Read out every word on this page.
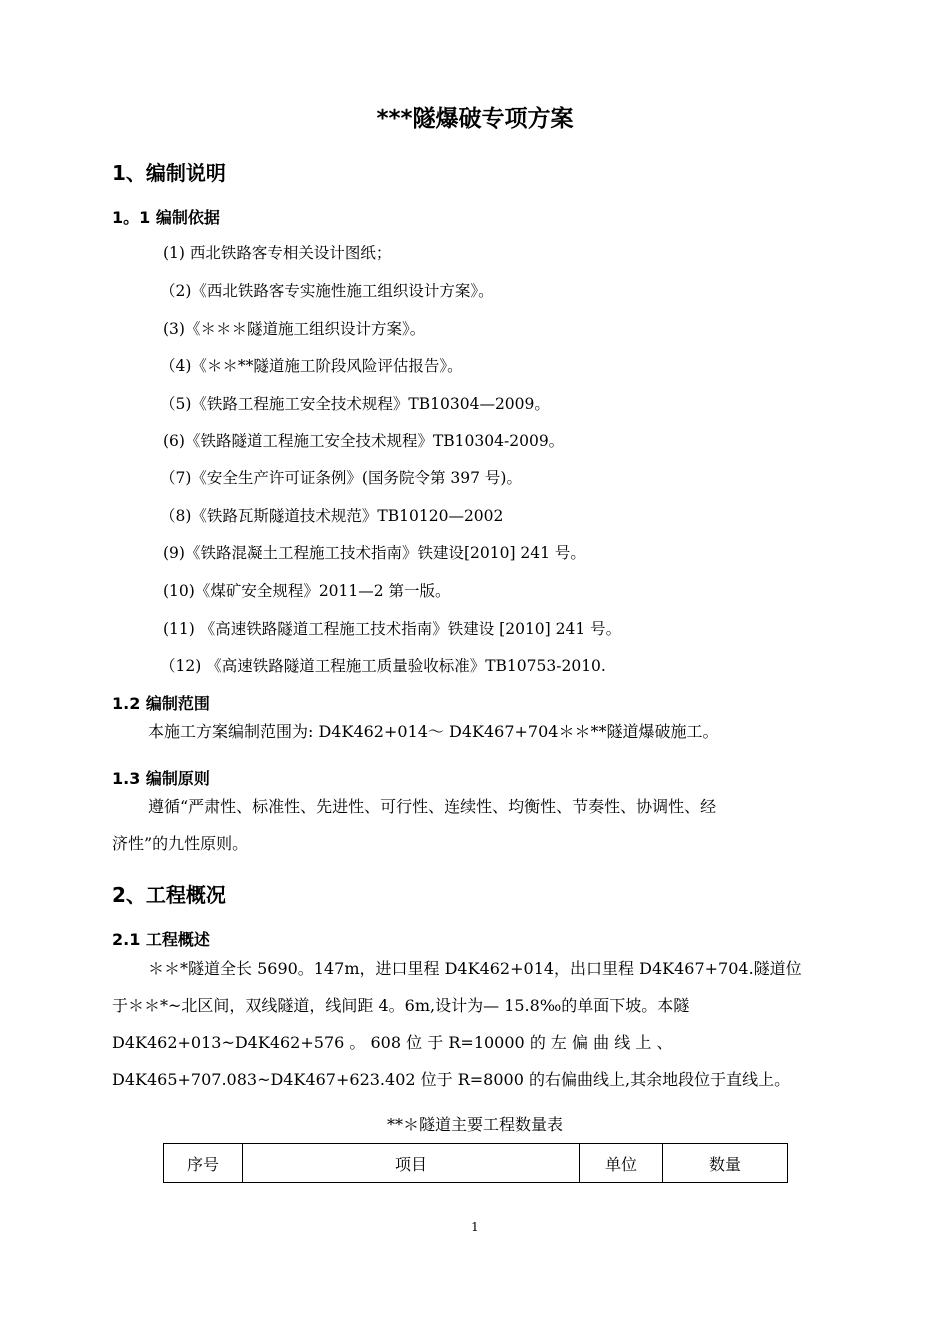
***隧爆破专项方案
1、编制说明
1。1 编制依据
(1) 西北铁路客专相关设计图纸；
（2)《西北铁路客专实施性施工组织设计方案》。
(3)《＊＊＊隧道施工组织设计方案》。
（4)《＊＊**隧道施工阶段风险评估报告》。
（5)《铁路工程施工安全技术规程》TB10304—2009。
(6)《铁路隧道工程施工安全技术规程》TB10304-2009。
（7)《安全生产许可证条例》(国务院令第 397 号)。
（8)《铁路瓦斯隧道技术规范》TB10120—2002
(9)《铁路混凝土工程施工技术指南》铁建设[2010] 241 号。
(10)《煤矿安全规程》2011—2 第一版。
(11) 《高速铁路隧道工程施工技术指南》铁建设 [2010] 241 号。
（12) 《高速铁路隧道工程施工质量验收标准》TB10753-2010.
1.2 编制范围
本施工方案编制范围为: D4K462+014～ D4K467+704＊＊**隧道爆破施工。
1.3 编制原则
遵循“严肃性、标准性、先进性、可行性、连续性、均衡性、节奏性、协调性、经
济性”的九性原则。
2、工程概况
2.1 工程概述
＊＊*隧道全长 5690。147m，进口里程 D4K462+014，出口里程 D4K467+704.隧道位
于＊＊*~北区间，双线隧道，线间距 4。6m,设计为— 15.8‰的单面下坡。本隧
D4K462+013~D4K462+576 。 608 位 于 R=10000 的 左 偏 曲 线 上 、
D4K465+707.083~D4K467+623.402 位于 R=8000 的右偏曲线上,其余地段位于直线上。
**＊隧道主要工程数量表
序号	项目	单位	数量
1
